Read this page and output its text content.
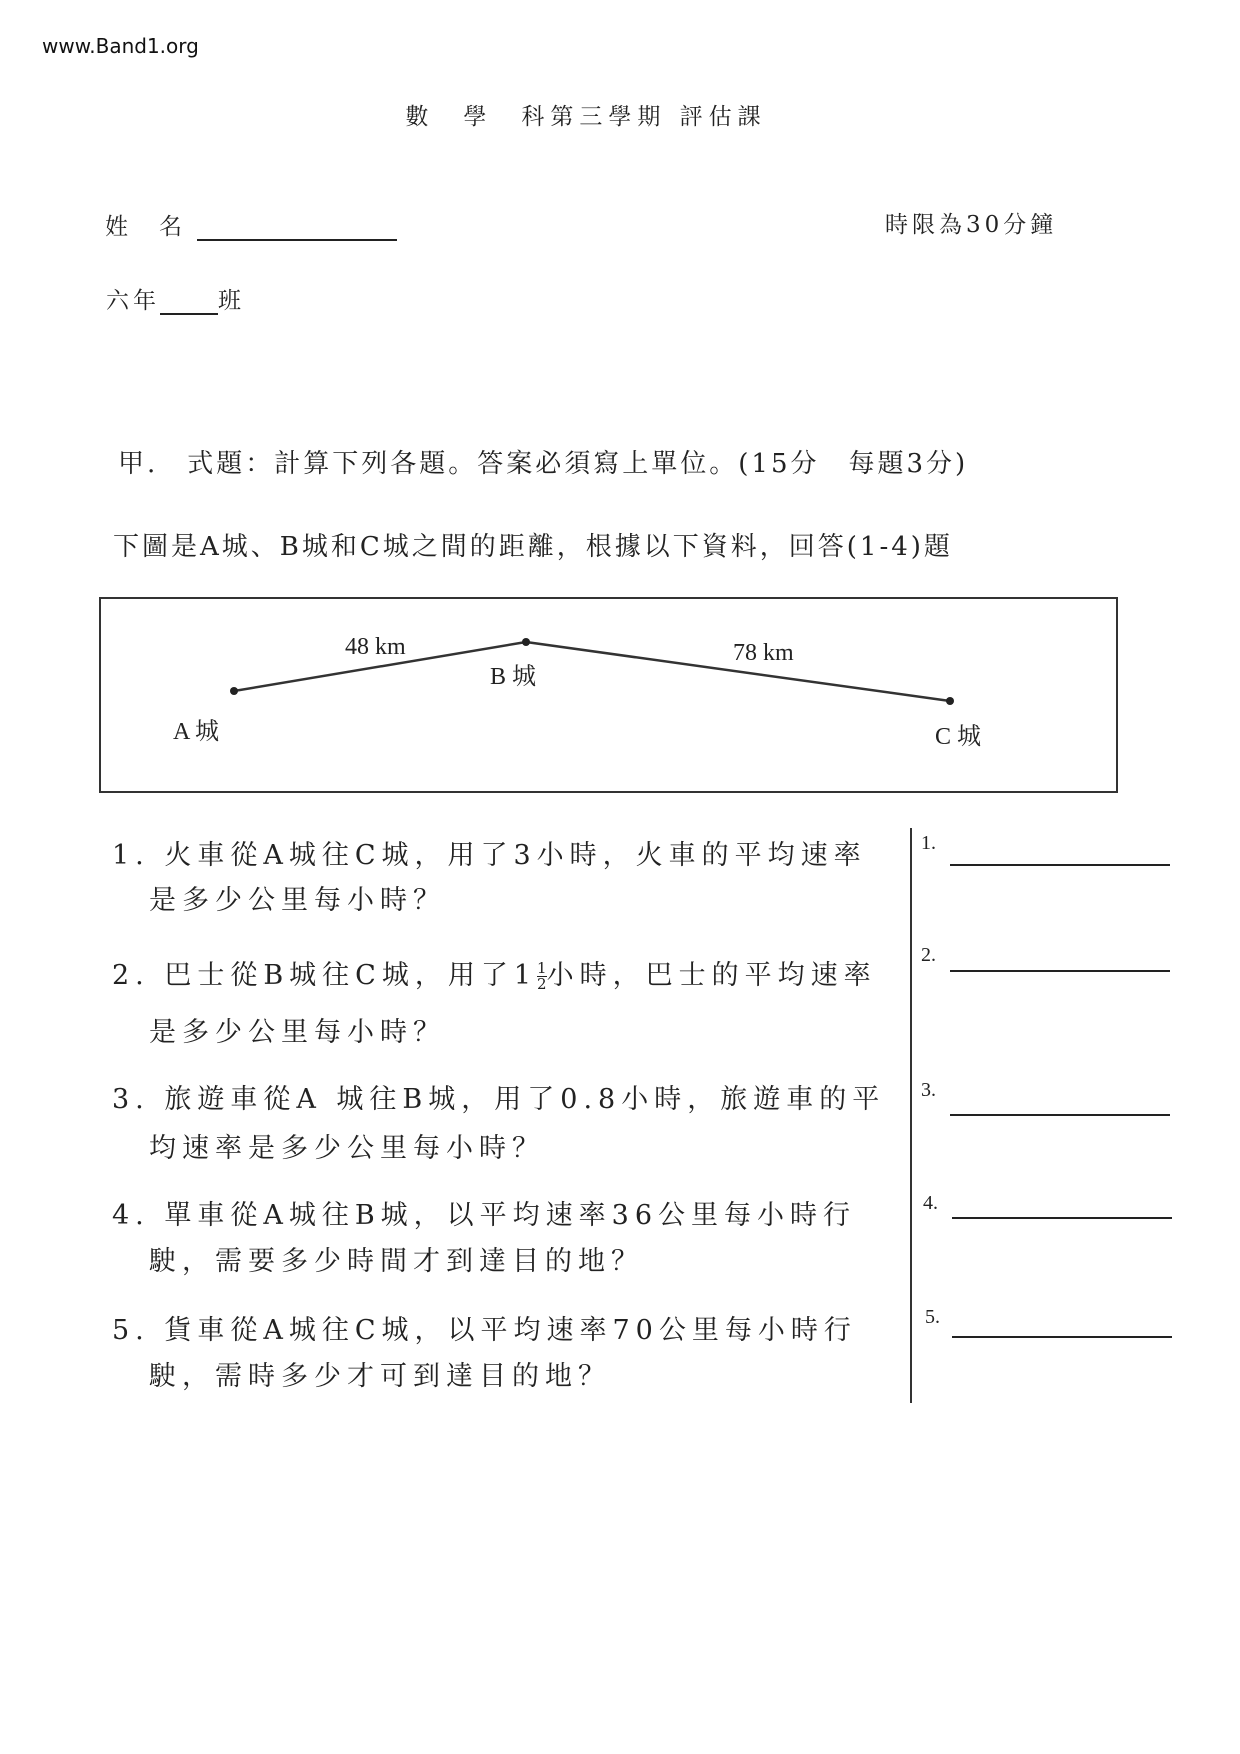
www.Band1.org
數　學　科第三學期 評估課
姓　名	時限為30分鐘
六年	班
甲.　式題：計算下列各題。答案必須寫上單位。(15分　每題3分)
下圖是A城、B城和C城之間的距離，根據以下資料，回答(1-4)題
48 km	78 km
B 城
A 城	C 城
1. 火車從A城往C城，用了3小時，火車的平均速率
是多少公里每小時？
2. 巴士從B城往C城，用了$1 \frac{1}{2}$ 小時，巴士的平均速率
是多少公里每小時？
3. 旅遊車從A 城往B城，用了0.8小時，旅遊車的平
均速率是多少公里每小時？
4. 單車從A城往B城，以平均速率36公里每小時行
駛，需要多少時間才到達目的地？
5. 貨車從A城往C城，以平均速率70公里每小時行
駛，需時多少才可到達目的地？
1.
2.
3.
4.
5.
